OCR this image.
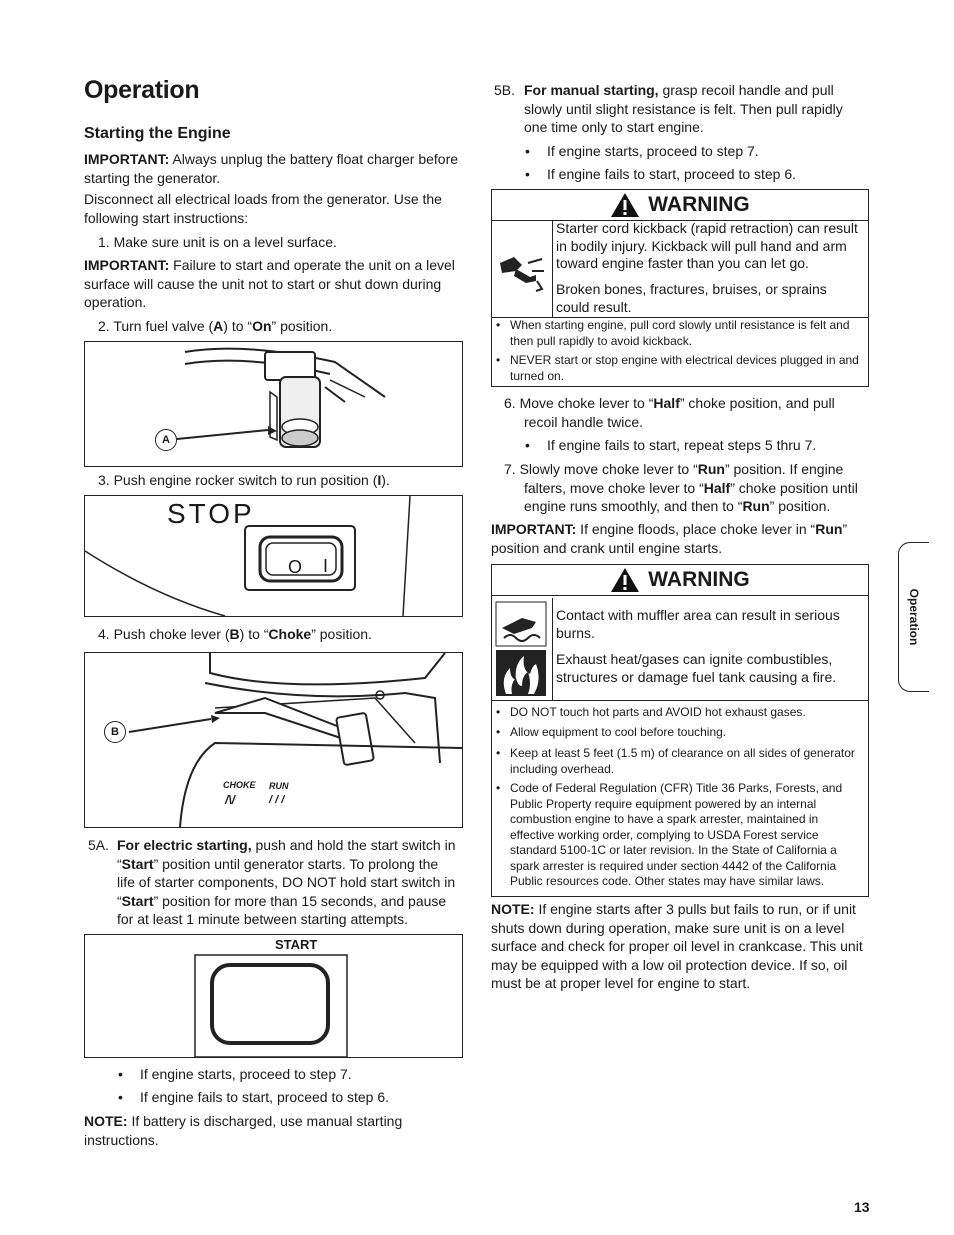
Operation
Starting the Engine
IMPORTANT: Always unplug the battery float charger before
starting the generator.
Disconnect all electrical loads from the generator. Use the
following start instructions:
1. Make sure unit is on a level surface.
IMPORTANT: Failure to start and operate the unit on a level
surface will cause the unit not to start or shut down during
operation.
2. Turn fuel valve (A) to “On” position.
A
3. Push engine rocker switch to run position (I).
STOP
O I
4. Push choke lever (B) to “Choke” position.
B
CHOKE RUN
/\/	/ / /
5A. For electric starting, push and hold the start switch in
“Start” position until generator starts. To prolong the
life of starter components, DO NOT hold start switch in
“Start” position for more than 15 seconds, and pause
for at least 1 minute between starting attempts.
START
• If engine starts, proceed to step 7.
• If engine fails to start, proceed to step 6.
NOTE: If battery is discharged, use manual starting
instructions.
5B. For manual starting, grasp recoil handle and pull
slowly until slight resistance is felt. Then pull rapidly
one time only to start engine.
• If engine starts, proceed to step 7.
• If engine fails to start, proceed to step 6.
WARNING
Starter cord kickback (rapid retraction) can result in bodily injury. Kickback will pull hand and arm toward engine faster than you can let go.
Broken bones, fractures, bruises, or sprains could result.
• When starting engine, pull cord slowly until resistance is felt and then pull rapidly to avoid kickback.
• NEVER start or stop engine with electrical devices plugged in and turned on.
6. Move choke lever to “Half” choke position, and pull
recoil handle twice.
• If engine fails to start, repeat steps 5 thru 7.
7. Slowly move choke lever to “Run” position. If engine
falters, move choke lever to “Half” choke position until
engine runs smoothly, and then to “Run” position.
IMPORTANT: If engine floods, place choke lever in “Run”
position and crank until engine starts.
WARNING
Contact with muffler area can result in serious burns.
Exhaust heat/gases can ignite combustibles, structures or damage fuel tank causing a fire.
• DO NOT touch hot parts and AVOID hot exhaust gases.
• Allow equipment to cool before touching.
• Keep at least 5 feet (1.5 m) of clearance on all sides of generator including overhead.
• Code of Federal Regulation (CFR) Title 36 Parks, Forests, and Public Property require equipment powered by an internal combustion engine to have a spark arrester, maintained in effective working order, complying to USDA Forest service standard 5100-1C or later revision. In the State of California a spark arrester is required under section 4442 of the California Public resources code. Other states may have similar laws.
NOTE: If engine starts after 3 pulls but fails to run, or if unit
shuts down during operation, make sure unit is on a level
surface and check for proper oil level in crankcase. This unit
may be equipped with a low oil protection device. If so, oil
must be at proper level for engine to start.
Operation
13
